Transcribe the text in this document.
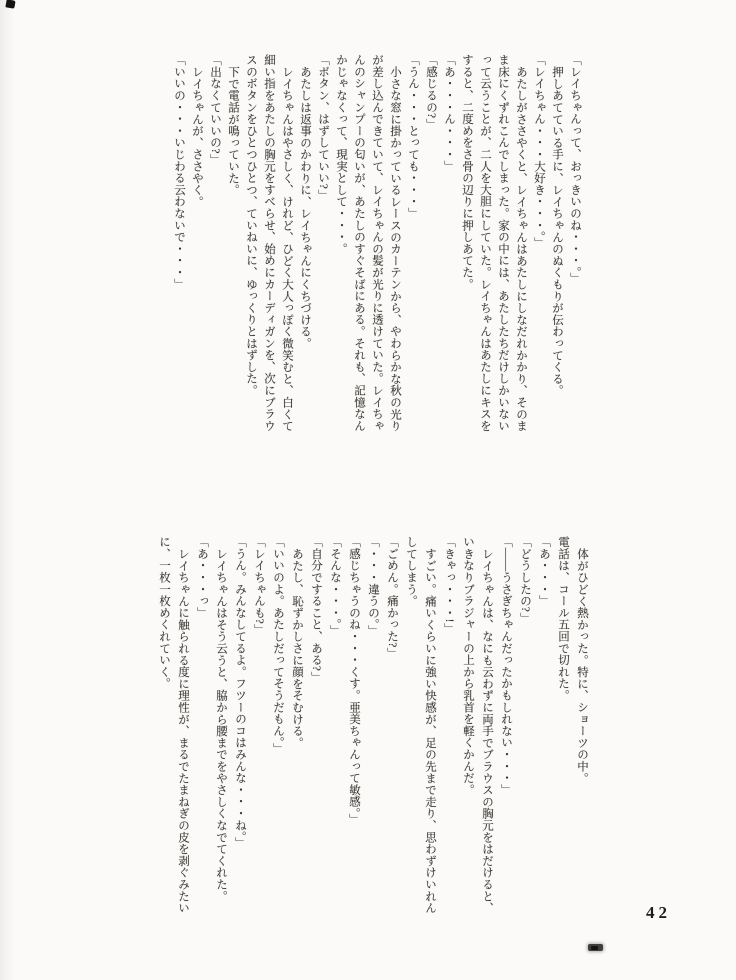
「レイちゃんって、おっきいのね・・・。」

押しあてている手に、レイちゃんのぬくもりが伝わってくる。

「レイちゃん・・・大好き・・・。」

あたしがささやくと、レイちゃんはあたしにしなだれかかり、そのま

ま床にくずれこんでしまった。家の中には、あたしたちだけしかいない

って云うことが、二人を大胆にしていた。レイちゃんはあたしにキスを

すると、二度めをさ骨の辺りに押しあてた。

「あ・・・ん・・・」

「感じるの?」

「うん・・・とっても・・・」

小さな窓に掛かっているレースのカーテンから、やわらかな秋の光り

が差し込んできていて、レイちゃんの髪が光りに透けていた。レイちゃ

んのシャンプーの匂いが、あたしのすぐそばにある。それも、記憶なん

かじゃなくって、現実として・・・。

「ボタン、はずしていい?」

あたしは返事のかわりに、レイちゃんにくちづける。

レイちゃんはやさしく、けれど、ひどく大人っぽく微笑むと、白くて

細い指をあたしの胸元をすべらせ、始めにカーディガンを、次にブラウ

スのボタンをひとつひとつ、ていねいに、ゆっくりとはずした。

下で電話が鳴っていた。

「出なくていいの?」

レイちゃんが、ささやく。

「いいの・・・いじわる云わないで・・・」

体がひどく熱かった。特に、ショーツの中。

電話は、コール五回で切れた。

「あ・・・」

「どうしたの?」

「――うさぎちゃんだったかもしれない・・・」

レイちゃんは、なにも云わずに両手でブラウスの胸元をはだけると、

いきなりブラジャーの上から乳首を軽くかんだ。

「きゃっ・・・!」

すごい。痛いくらいに強い快感が、足の先まで走り、思わずけいれん

してしまう。

「ごめん。痛かった?」

「・・・違うの。」

「感じちゃうのね・・・くす。亜美ちゃんって敏感。」

「そんな・・・。」

「自分ですること、ある?」

あたし、恥ずかしさに顔をそむける。

「いいのよ。あたしだってそうだもん。」

「レイちゃんも?」

「うん。みんなしてるよ。フツーのコはみんな・・・ね。」

レイちゃんはそう云うと、脇から腰までをやさしくなでてくれた。

「あ・・・っ」

レイちゃんに触られる度に理性が、まるでたまねぎの皮を剥ぐみたい

に、一枚一枚めくれていく。

42
